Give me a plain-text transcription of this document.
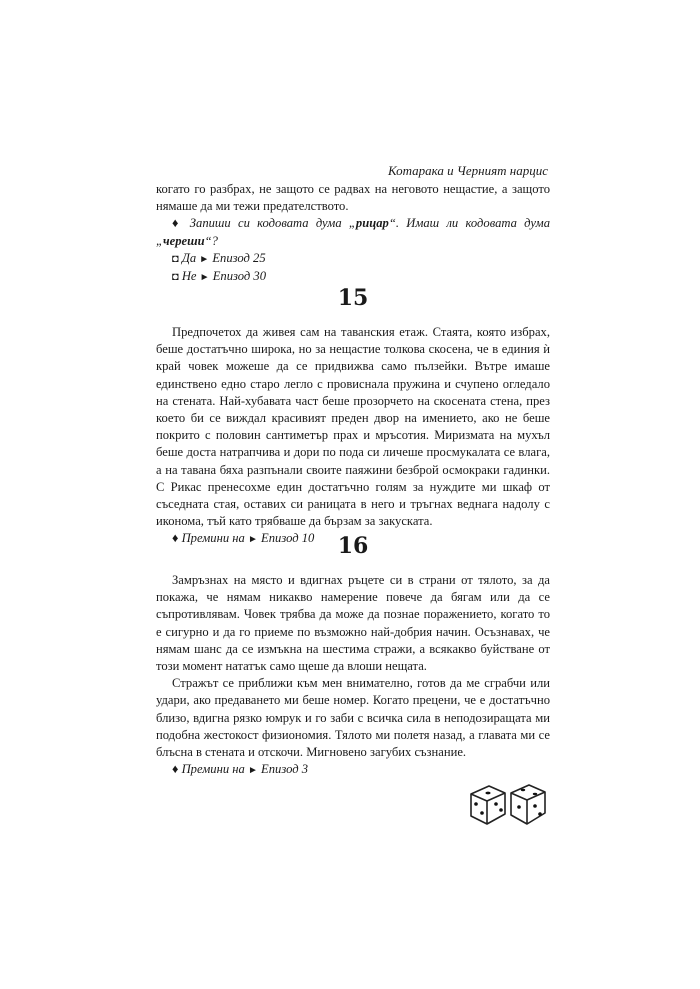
Котарака и Черният нарцис

когато го разбрах, не защото се радвах на неговото нещастие, а защото нямаше да ми тежи предателството.

♦ Запиши си кодовата дума „рицар“. Имаш ли кодовата дума „череши“?

◘ Да ► Епизод 25
◘ Не ► Епизод 30
15

Предпочетох да живея сам на таванския етаж. Стаята, която избрах, беше достатъчно широка, но за нещастие толкова скосена, че в единия ѝ край човек можеше да се придвижва само пълзейки. Вътре имаше единствено едно старо легло с провиснала пружина и счупено огледало на стената. Най-хубавата част беше прозорчето на скосената стена, през което би се виждал красивият преден двор на имението, ако не беше покрито с половин сантиметър прах и мръсотия. Миризмата на мухъл беше доста натрапчива и дори по пода си личеше просмукалата се влага, а на тавана бяха разпънали своите паяжини безброй осмокраки гадинки. С Рикас пренесохме един достатъчно голям за нуждите ми шкаф от съседната стая, оставих си раницата в него и тръгнах веднага надолу с иконома, тъй като трябваше да бързам за закуската.

♦ Премини на ► Епизод 10	16

Замръзнах на място и вдигнах ръцете си в страни от тялото, за да покажа, че нямам никакво намерение повече да бягам или да се съпротивлявам. Човек трябва да може да познае поражението, когато то е сигурно и да го приеме по възможно най-добрия начин. Осъзнавах, че нямам шанс да се измъкна на шестима стражи, а всякакво буйстване от този момент нататък само щеше да влоши нещата.

Стражът се приближи към мен внимателно, готов да ме сграбчи или удари, ако предаването ми беше номер. Когато прецени, че е достатъчно близо, вдигна рязко юмрук и го заби с всичка сила в неподозиращата ми подобна жестокост физиономия. Тялото ми полетя назад, а главата ми се блъсна в стената и отскочи. Мигновено загубих съзнание.

♦ Премини на ► Епизод 3
